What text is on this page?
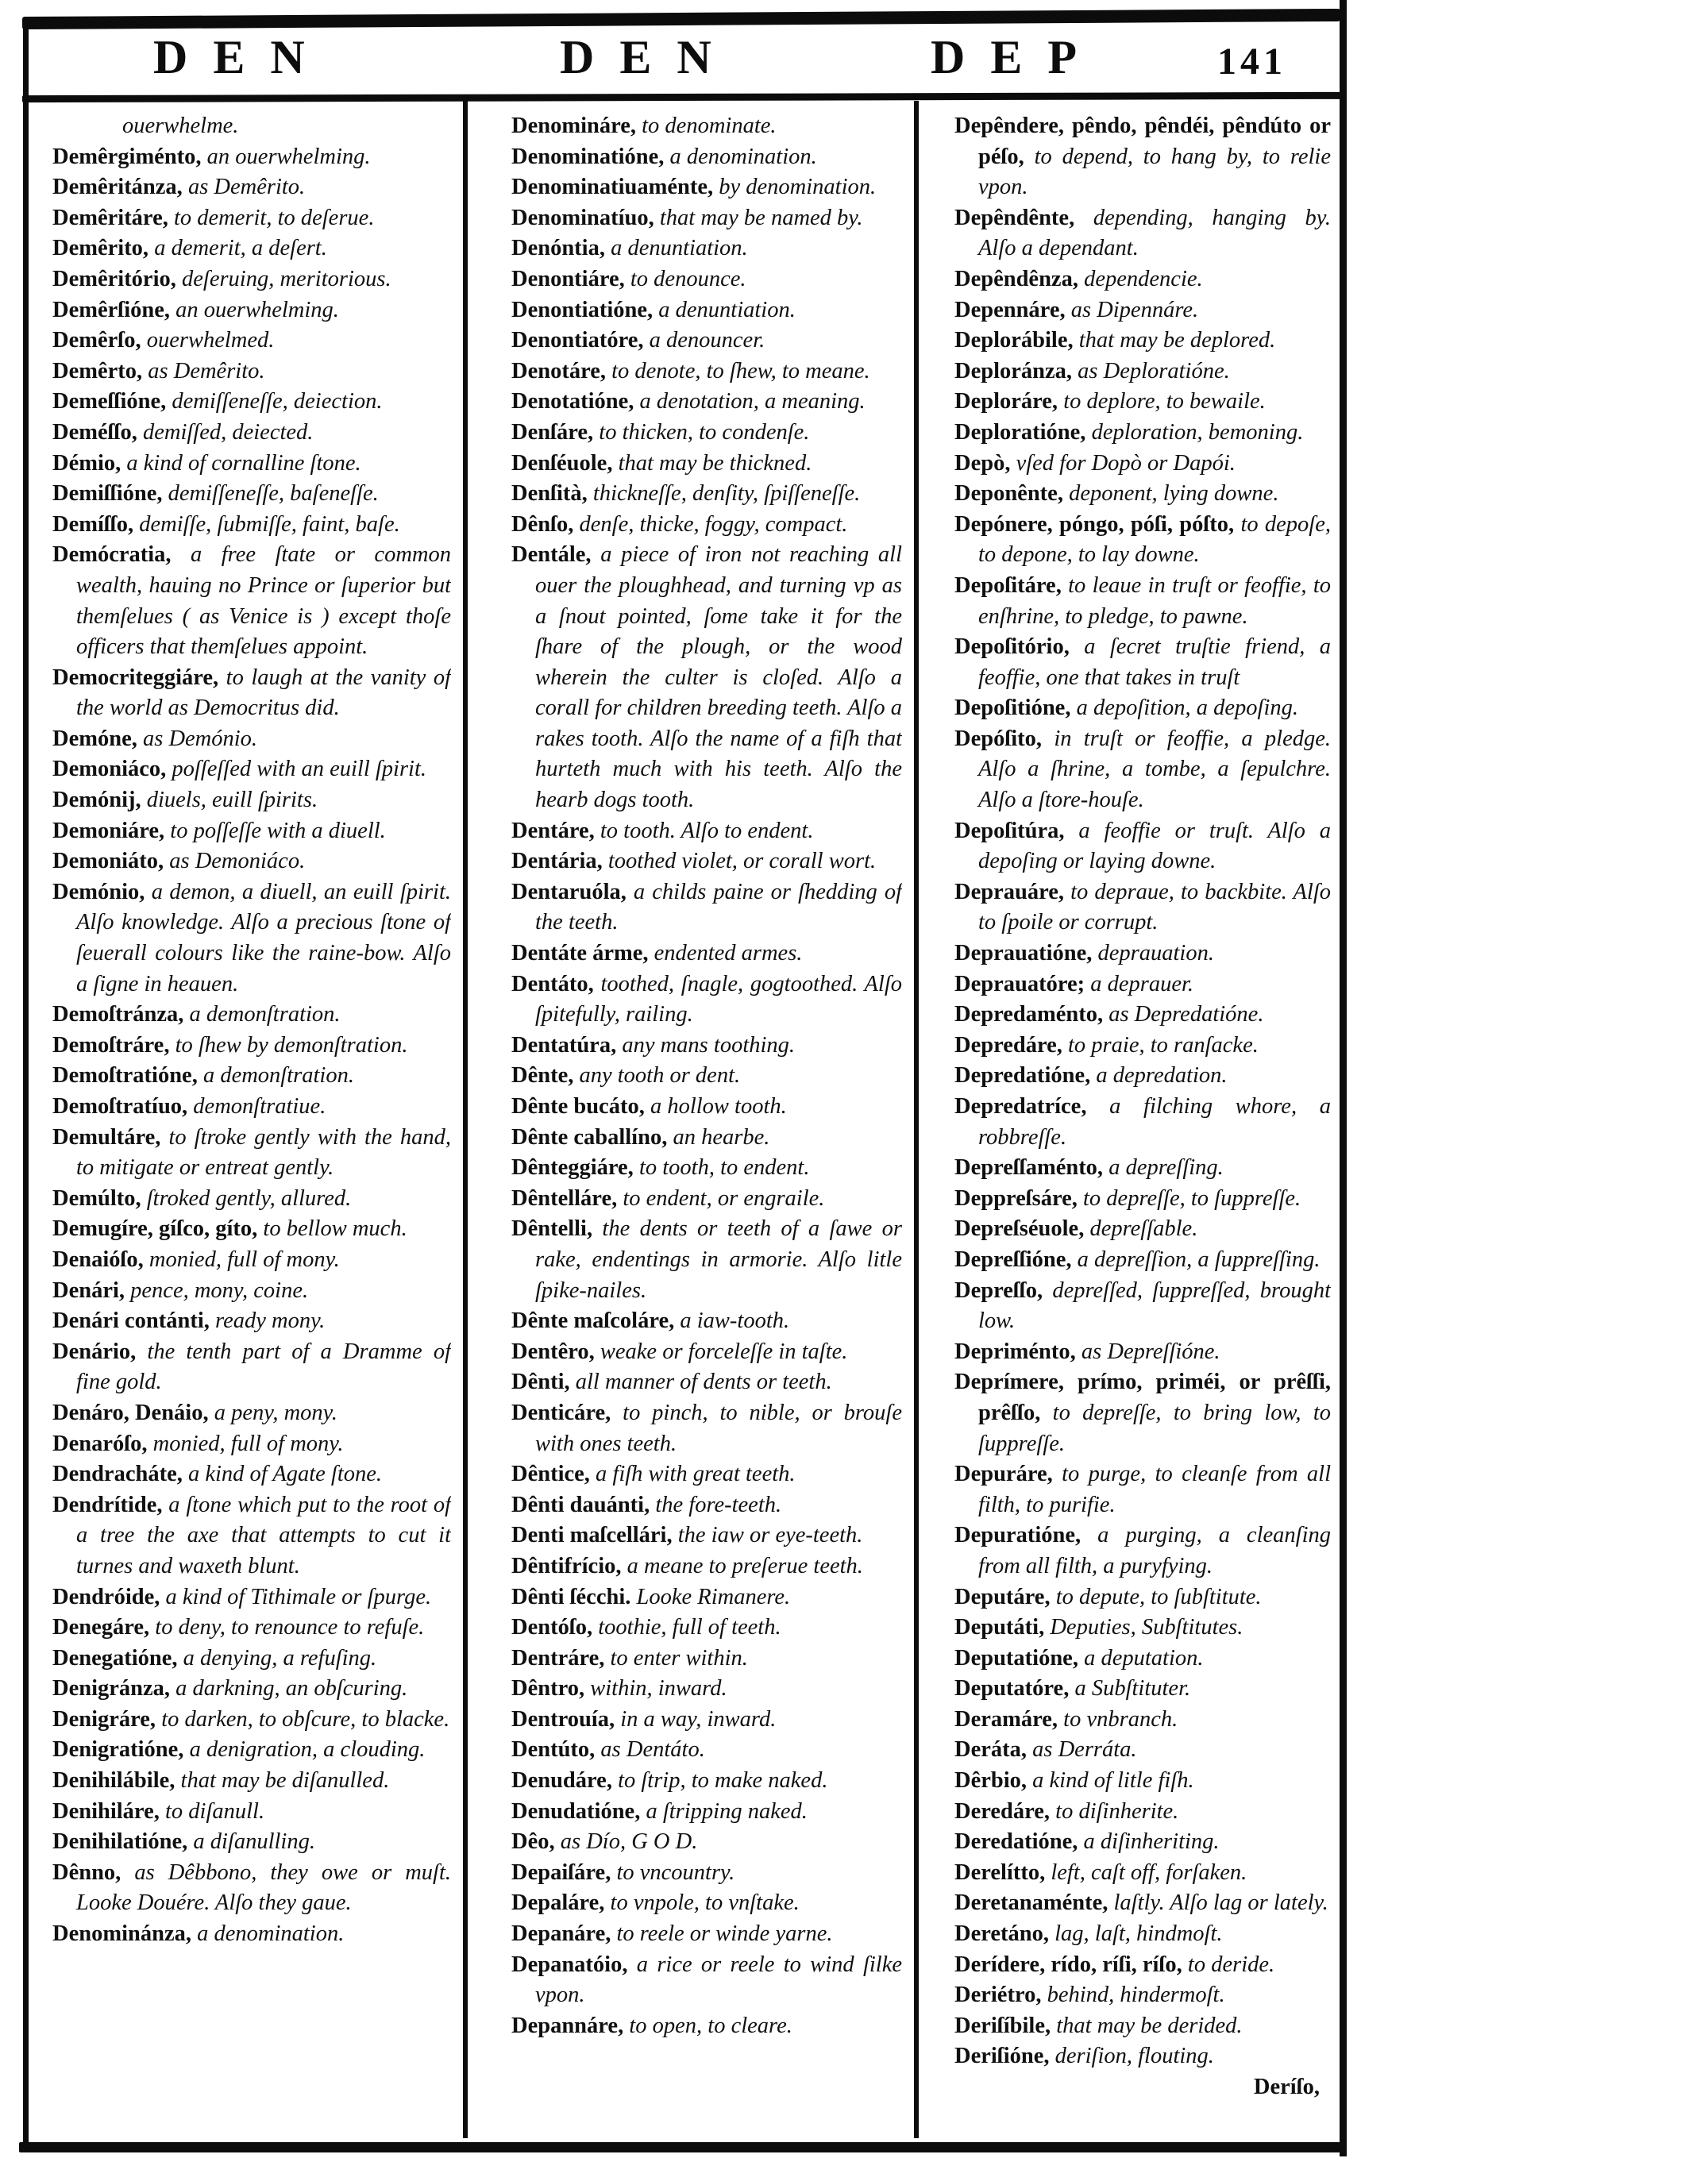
DEN	DEN	DEP	141

ouerwhelme.

Demêrgiménto, an ouerwhelming.

Demêritánza, as Demêrito.

Demêritáre, to demerit, to deſerue.

Demêrito, a demerit, a deſert.

Demêritório, deſeruing, meritorious.

Demêrſióne, an ouerwhelming.

Demêrſo, ouerwhelmed.

Demêrto, as Demêrito.

Demeſſióne, demiſſeneſſe, deiection.

Deméſſo, demiſſed, deiected.

Démio, a kind of cornalline ſtone.

Demiſſióne, demiſſeneſſe, baſeneſſe.

Demíſſo, demiſſe, ſubmiſſe, faint, baſe.

Demócratia, a free ſtate or common wealth, hauing no Prince or ſuperior but themſelues ( as Venice is ) except thoſe officers that themſelues appoint.

Democriteggiáre, to laugh at the vanity of the world as Democritus did.

Demóne, as Demónio.

Demoniáco, poſſeſſed with an euill ſpirit.

Demónij, diuels, euill ſpirits.

Demoniáre, to poſſeſſe with a diuell.

Demoniáto, as Demoniáco.

Demónio, a demon, a diuell, an euill ſpirit. Alſo knowledge. Alſo a precious ſtone of ſeuerall colours like the raine-bow. Alſo a ſigne in heauen.

Demoſtránza, a demonſtration.

Demoſtráre, to ſhew by demonſtration.

Demoſtratióne, a demonſtration.

Demoſtratíuo, demonſtratiue.

Demultáre, to ſtroke gently with the hand, to mitigate or entreat gently.

Demúlto, ſtroked gently, allured.

Demugíre, gíſco, gíto, to bellow much.

Denaióſo, monied, full of mony.

Denári, pence, mony, coine.

Denári contánti, ready mony.

Denário, the tenth part of a Dramme of fine gold.

Denáro, Denáio, a peny, mony.

Denaróſo, monied, full of mony.

Dendracháte, a kind of Agate ſtone.

Dendrítide, a ſtone which put to the root of a tree the axe that attempts to cut it turnes and waxeth blunt.

Dendróide, a kind of Tithimale or ſpurge.

Denegáre, to deny, to renounce to refuſe.

Denegatióne, a denying, a refuſing.

Denigránza, a darkning, an obſcuring.

Denigráre, to darken, to obſcure, to blacke.

Denigratióne, a denigration, a clouding.

Denihilábile, that may be diſanulled.

Denihiláre, to diſanull.

Denihilatióne, a diſanulling.

Dênno, as Dêbbono, they owe or muſt. Looke Douére. Alſo they gaue.

Denominánza, a denomination.

Denomináre, to denominate.

Denominatióne, a denomination.

Denominatiuaménte, by denomination.

Denominatíuo, that may be named by.

Denóntia, a denuntiation.

Denontiáre, to denounce.

Denontiatióne, a denuntiation.

Denontiatóre, a denouncer.

Denotáre, to denote, to ſhew, to meane.

Denotatióne, a denotation, a meaning.

Denſáre, to thicken, to condenſe.

Denſéuole, that may be thickned.

Denſità, thickneſſe, denſity, ſpiſſeneſſe.

Dênſo, denſe, thicke, foggy, compact.

Dentále, a piece of iron not reaching all ouer the ploughhead, and turning vp as a ſnout pointed, ſome take it for the ſhare of the plough, or the wood wherein the culter is cloſed. Alſo a corall for children breeding teeth. Alſo a rakes tooth. Alſo the name of a fiſh that hurteth much with his teeth. Alſo the hearb dogs tooth.

Dentáre, to tooth. Alſo to endent.

Dentária, toothed violet, or corall wort.

Dentaruóla, a childs paine or ſhedding of the teeth.

Dentáte árme, endented armes.

Dentáto, toothed, ſnagle, gogtoothed. Alſo ſpitefully, railing.

Dentatúra, any mans toothing.

Dênte, any tooth or dent.

Dênte bucáto, a hollow tooth.

Dênte caballíno, an hearbe.

Dênteggiáre, to tooth, to endent.

Dêntelláre, to endent, or engraile.

Dêntelli, the dents or teeth of a ſawe or rake, endentings in armorie. Alſo litle ſpike-nailes.

Dênte maſcoláre, a iaw-tooth.

Dentêro, weake or forceleſſe in taſte.

Dênti, all manner of dents or teeth.

Denticáre, to pinch, to nible, or brouſe with ones teeth.

Dêntice, a fiſh with great teeth.

Dênti dauánti, the fore-teeth.

Denti maſcellári, the iaw or eye-teeth.

Dêntifrício, a meane to preſerue teeth.

Dênti ſécchi. Looke Rimanere.

Dentóſo, toothie, full of teeth.

Dentráre, to enter within.

Dêntro, within, inward.

Dentrouía, in a way, inward.

Dentúto, as Dentáto.

Denudáre, to ſtrip, to make naked.

Denudatióne, a ſtripping naked.

Dêo, as Dío, G O D.

Depaiſáre, to vncountry.

Depaláre, to vnpole, to vnſtake.

Depanáre, to reele or winde yarne.

Depanatóio, a rice or reele to wind ſilke vpon.

Depannáre, to open, to cleare.

Depêndere, pêndo, pêndéi, pêndúto or péſo, to depend, to hang by, to relie vpon.

Depêndênte, depending, hanging by. Alſo a dependant.

Depêndênza, dependencie.

Depennáre, as Dipennáre.

Deplorábile, that may be deplored.

Deploránza, as Deploratióne.

Deploráre, to deplore, to bewaile.

Deploratióne, deploration, bemoning.

Depò, vſed for Dopò or Dapói.

Deponênte, deponent, lying downe.

Depónere, póngo, póſi, póſto, to depoſe, to depone, to lay downe.

Depoſitáre, to leaue in truſt or feoffie, to enſhrine, to pledge, to pawne.

Depoſitório, a ſecret truſtie friend, a feoffie, one that takes in truſt

Depoſitióne, a depoſition, a depoſing.

Depóſito, in truſt or feoffie, a pledge. Alſo a ſhrine, a tombe, a ſepulchre. Alſo a ſtore-houſe.

Depoſitúra, a feoffie or truſt. Alſo a depoſing or laying downe.

Deprauáre, to depraue, to backbite. Alſo to ſpoile or corrupt.

Deprauatióne, deprauation.

Deprauatóre; a deprauer.

Depredaménto, as Depredatióne.

Depredáre, to praie, to ranſacke.

Depredatióne, a depredation.

Depredatríce, a filching whore, a robbreſſe.

Depreſſaménto, a depreſſing.

Deppreſsáre, to depreſſe, to ſuppreſſe.

Depreſséuole, depreſſable.

Depreſſióne, a depreſſion, a ſuppreſſing.

Depreſſo, depreſſed, ſuppreſſed, brought low.

Depriménto, as Depreſſióne.

Deprímere, prímo, priméi, or prêſſi, prêſſo, to depreſſe, to bring low, to ſuppreſſe.

Depuráre, to purge, to cleanſe from all filth, to purifie.

Depuratióne, a purging, a cleanſing from all filth, a puryfying.

Deputáre, to depute, to ſubſtitute.

Deputáti, Deputies, Subſtitutes.

Deputatióne, a deputation.

Deputatóre, a Subſtituter.

Deramáre, to vnbranch.

Deráta, as Derráta.

Dêrbio, a kind of litle fiſh.

Deredáre, to diſinherite.

Deredatióne, a diſinheriting.

Derelítto, left, caſt off, forſaken.

Deretanaménte, laſtly. Alſo lag or lately.

Deretáno, lag, laſt, hindmoſt.

Derídere, rído, ríſi, ríſo, to deride.

Deriétro, behind, hindermoſt.

Deriſíbile, that may be derided.

Deriſióne, deriſion, flouting.

Deríſo,
